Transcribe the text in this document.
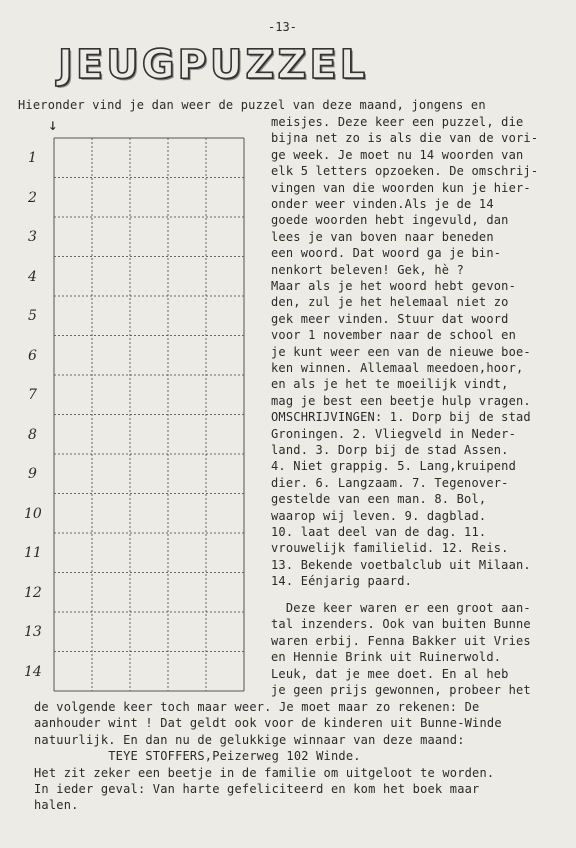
-13-
JEUGPUZZEL
Hieronder vind je dan weer de puzzel van deze maand, jongens en
↓
1
2
3
4
5
6
7
8
9
10
11
12
13
14
meisjes. Deze keer een puzzel, die
bijna net zo is als die van de vori-
ge week. Je moet nu 14 woorden van
elk 5 letters opzoeken. De omschrij-
vingen van die woorden kun je hier-
onder weer vinden.Als je de 14
goede woorden hebt ingevuld, dan
lees je van boven naar beneden
een woord. Dat woord ga je bin-
nenkort beleven! Gek, hè ?
Maar als je het woord hebt gevon-
den, zul je het helemaal niet zo
gek meer vinden. Stuur dat woord
voor 1 november naar de school en
je kunt weer een van de nieuwe boe-
ken winnen. Allemaal meedoen,hoor,
en als je het te moeilijk vindt,
mag je best een beetje hulp vragen.
OMSCHRIJVINGEN: 1. Dorp bij de stad
Groningen. 2. Vliegveld in Neder-
land. 3. Dorp bij de stad Assen.
4. Niet grappig. 5. Lang,kruipend
dier. 6. Langzaam. 7. Tegenover-
gestelde van een man. 8. Bol,
waarop wij leven. 9. dagblad.
10. laat deel van de dag. 11.
vrouwelijk familielid. 12. Reis.
13. Bekende voetbalclub uit Milaan.
14. Eénjarig paard.
Deze keer waren er een groot aan-
tal inzenders. Ook van buiten Bunne
waren erbij. Fenna Bakker uit Vries
en Hennie Brink uit Ruinerwold.
Leuk, dat je mee doet. En al heb
je geen prijs gewonnen, probeer het
de volgende keer toch maar weer. Je moet maar zo rekenen: De
aanhouder wint ! Dat geldt ook voor de kinderen uit Bunne-Winde
natuurlijk. En dan nu de gelukkige winnaar van deze maand:
TEYE STOFFERS,Peizerweg 102 Winde.
Het zit zeker een beetje in de familie om uitgeloot te worden.
In ieder geval: Van harte gefeliciteerd en kom het boek maar
halen.
